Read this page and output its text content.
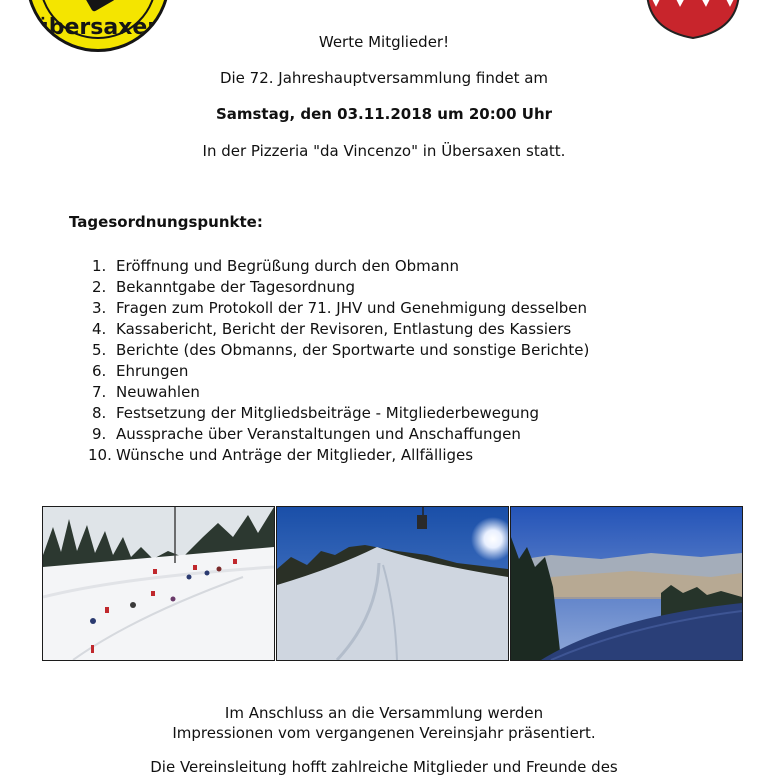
übersaxen
Werte Mitglieder!
Die 72. Jahreshauptversammlung findet am
Samstag, den 03.11.2018 um 20:00 Uhr
In der Pizzeria "da Vincenzo" in Übersaxen statt.
Tagesordnungspunkte:
1. Eröffnung und Begrüßung durch den Obmann
2. Bekanntgabe der Tagesordnung
3. Fragen zum Protokoll der 71. JHV und Genehmigung desselben
4. Kassabericht, Bericht der Revisoren, Entlastung des Kassiers
5. Berichte (des Obmanns, der Sportwarte und sonstige Berichte)
6. Ehrungen
7. Neuwahlen
8. Festsetzung der Mitgliedsbeiträge - Mitgliederbewegung
9. Aussprache über Veranstaltungen und Anschaffungen
10. Wünsche und Anträge der Mitglieder, Allfälliges
Im Anschluss an die Versammlung werden
Impressionen vom vergangenen Vereinsjahr präsentiert.
Die Vereinsleitung hofft zahlreiche Mitglieder und Freunde des
